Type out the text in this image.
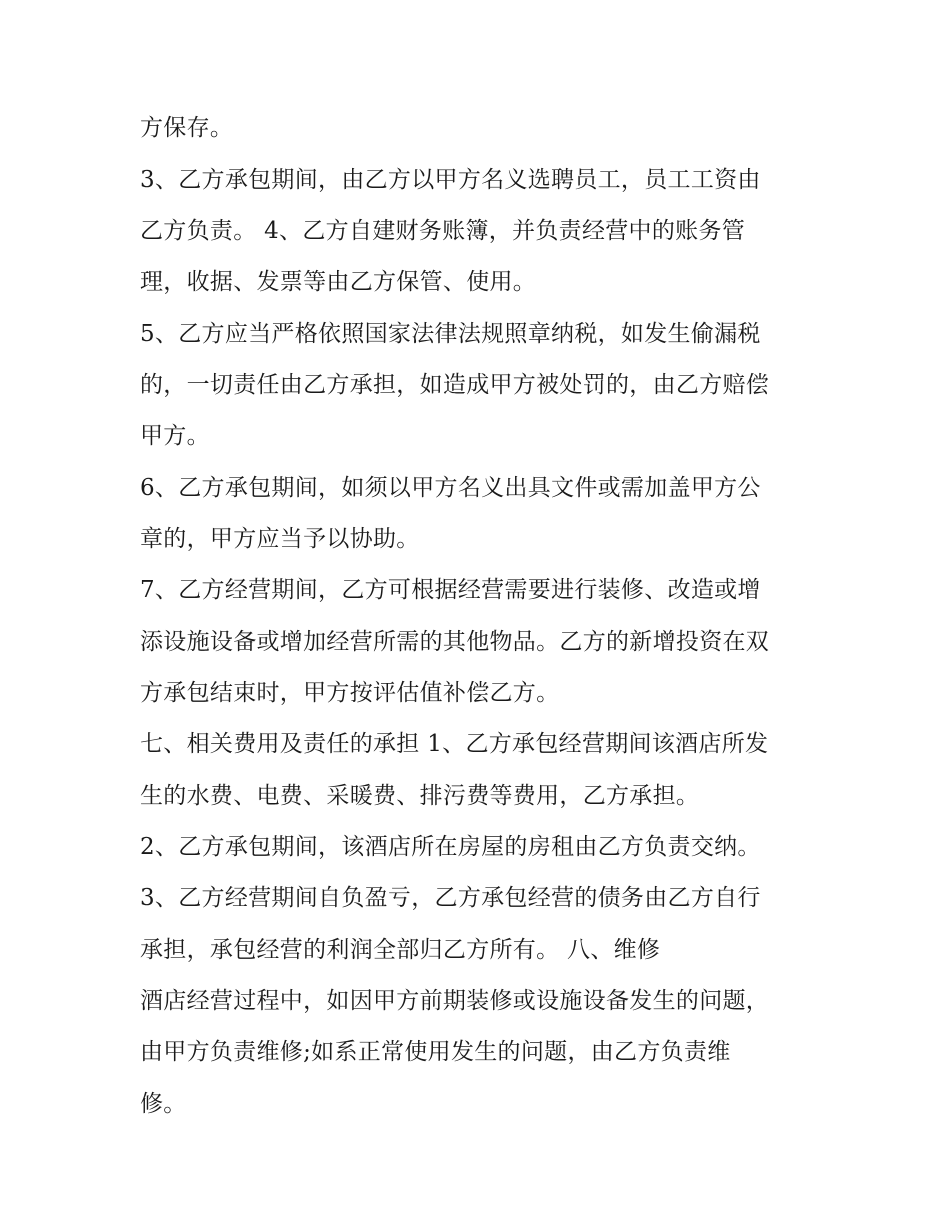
方保存。

3、乙方承包期间，由乙方以甲方名义选聘员工，员工工资由

乙方负责。 4、乙方自建财务账簿，并负责经营中的账务管

理，收据、发票等由乙方保管、使用。

5、乙方应当严格依照国家法律法规照章纳税，如发生偷漏税

的，一切责任由乙方承担，如造成甲方被处罚的，由乙方赔偿

甲方。

6、乙方承包期间，如须以甲方名义出具文件或需加盖甲方公

章的，甲方应当予以协助。

7、乙方经营期间，乙方可根据经营需要进行装修、改造或增

添设施设备或增加经营所需的其他物品。乙方的新增投资在双

方承包结束时，甲方按评估值补偿乙方。

七、相关费用及责任的承担 1、乙方承包经营期间该酒店所发

生的水费、电费、采暖费、排污费等费用，乙方承担。

2、乙方承包期间，该酒店所在房屋的房租由乙方负责交纳。

3、乙方经营期间自负盈亏，乙方承包经营的债务由乙方自行

承担，承包经营的利润全部归乙方所有。 八、维修

酒店经营过程中，如因甲方前期装修或设施设备发生的问题，

由甲方负责维修;如系正常使用发生的问题，由乙方负责维

修。
